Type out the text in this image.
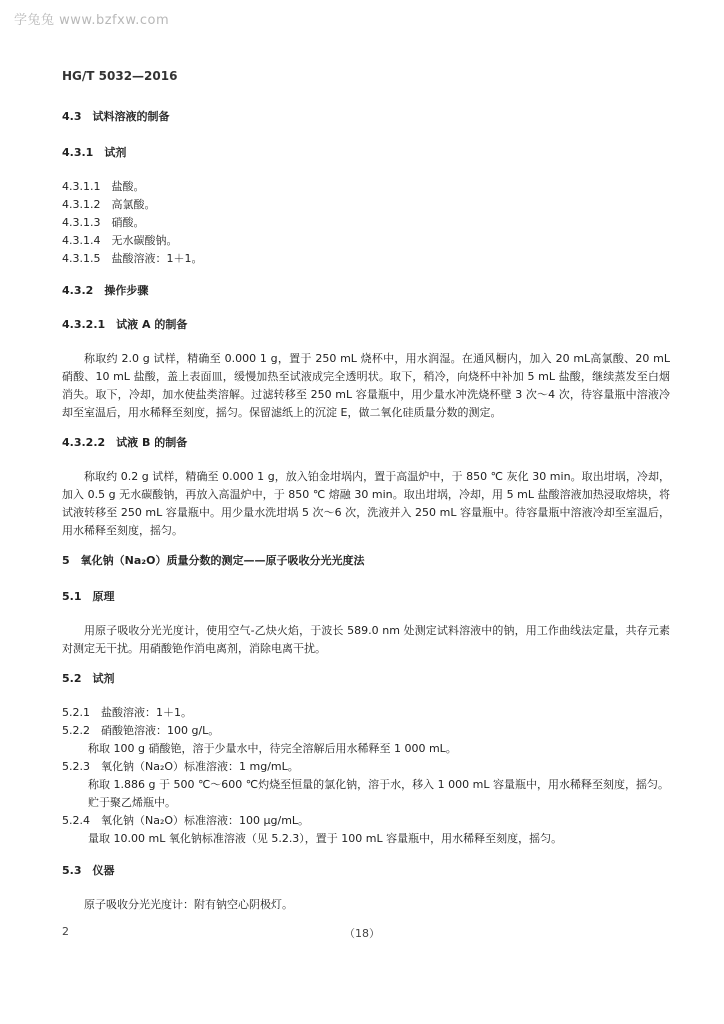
学兔兔 www.bzfxw.com
HG/T 5032—2016

4.3　试料溶液的制备

4.3.1　试剂

4.3.1.1　盐酸。

4.3.1.2　高氯酸。

4.3.1.3　硝酸。

4.3.1.4　无水碳酸钠。

4.3.1.5　盐酸溶液：1＋1。

4.3.2　操作步骤

4.3.2.1　试液 A 的制备

称取约 2.0 g 试样，精确至 0.000 1 g，置于 250 mL 烧杯中，用水润湿。在通风橱内，加入 20 mL高氯酸、20 mL 硝酸、10 mL 盐酸，盖上表面皿，缓慢加热至试液成完全透明状。取下，稍冷，向烧杯中补加 5 mL 盐酸，继续蒸发至白烟消失。取下，冷却，加水使盐类溶解。过滤转移至 250 mL 容量瓶中，用少量水冲洗烧杯壁 3 次～4 次，待容量瓶中溶液冷却至室温后，用水稀释至刻度，摇匀。保留滤纸上的沉淀 E，做二氧化硅质量分数的测定。

4.3.2.2　试液 B 的制备

称取约 0.2 g 试样，精确至 0.000 1 g，放入铂金坩埚内，置于高温炉中，于 850 ℃ 灰化 30 min。取出坩埚，冷却，加入 0.5 g 无水碳酸钠，再放入高温炉中，于 850 ℃ 熔融 30 min。取出坩埚，冷却，用 5 mL 盐酸溶液加热浸取熔块，将试液转移至 250 mL 容量瓶中。用少量水洗坩埚 5 次～6 次，洗液并入 250 mL 容量瓶中。待容量瓶中溶液冷却至室温后，用水稀释至刻度，摇匀。

5　氧化钠（Na₂O）质量分数的测定——原子吸收分光光度法

5.1　原理

用原子吸收分光光度计，使用空气-乙炔火焰，于波长 589.0 nm 处测定试料溶液中的钠，用工作曲线法定量，共存元素对测定无干扰。用硝酸铯作消电离剂，消除电离干扰。

5.2　试剂

5.2.1　盐酸溶液：1＋1。

5.2.2　硝酸铯溶液：100 g/L。

称取 100 g 硝酸铯，溶于少量水中，待完全溶解后用水稀释至 1 000 mL。

5.2.3　氧化钠（Na₂O）标准溶液：1 mg/mL。

称取 1.886 g 于 500 ℃～600 ℃灼烧至恒量的氯化钠，溶于水，移入 1 000 mL 容量瓶中，用水稀释至刻度，摇匀。贮于聚乙烯瓶中。

5.2.4　氧化钠（Na₂O）标准溶液：100 μg/mL。

量取 10.00 mL 氧化钠标准溶液（见 5.2.3），置于 100 mL 容量瓶中，用水稀释至刻度，摇匀。

5.3　仪器

原子吸收分光光度计：附有钠空心阴极灯。

2	（18）
